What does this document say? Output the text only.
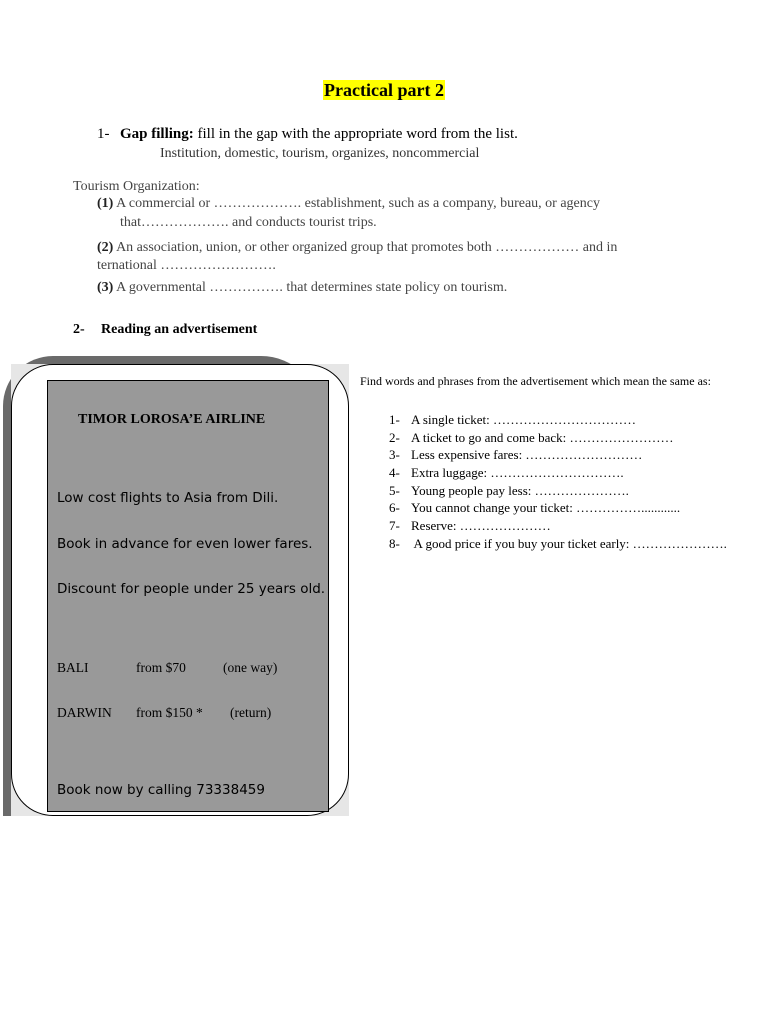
Practical part 2
1- Gap filling: fill in the gap with the appropriate word from the list.
Institution, domestic, tourism, organizes, noncommercial
Tourism Organization:
(1) A commercial or ………………. establishment, such as a company, bureau, or agency
that………………. and conducts tourist trips.
(2) An association, union, or other organized group that promotes both ……………… and in
ternational …………………….
(3) A governmental ……………. that determines state policy on tourism.
2- Reading an advertisement
TIMOR LOROSA’E AIRLINE
Low cost flights to Asia from Dili.
Book in advance for even lower fares.
Discount for people under 25 years old.
BALI	from $70	(one way)
DARWIN from $150 * (return)
Book now by calling 73338459
Find words and phrases from the advertisement which mean the same as:
1- A single ticket: ……………………………
2- A ticket to go and come back: ……………………
3- Less expensive fares: ………………………
4- Extra luggage: ………………………….
5- Young people pay less: ………………….
6- You cannot change your ticket: ……………............
7- Reserve: …………………
8- A good price if you buy your ticket early: ………………….
